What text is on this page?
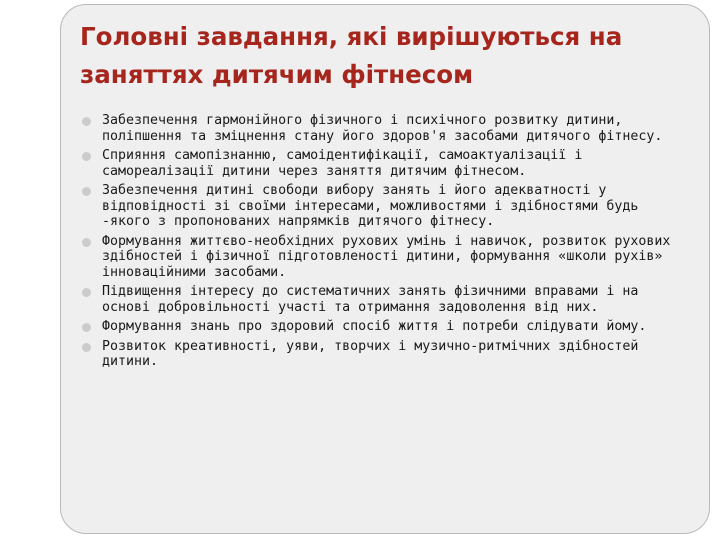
Головні завдання, які вирішуються на заняттях дитячим фітнесом
Забезпечення гармонійного фізичного і психічного розвитку дитини, поліпшення та зміцнення стану його здоров'я засобами дитячого фітнесу.
Сприяння самопізнанню, самоідентифікації, самоактуалізації і самореалізації дитини через заняття дитячим фітнесом.
Забезпечення дитині свободи вибору занять і його адекватності у відповідності зі своїми інтересами, можливостями і здібностями будь -якого з пропонованих напрямків дитячого фітнесу.
Формування життєво-необхідних рухових умінь і навичок, розвиток рухових здібностей і фізичної підготовленості дитини, формування «школи рухів» інноваційними засобами.
Підвищення інтересу до систематичних занять фізичними вправами і на основі добровільності участі та отримання задоволення від них.
Формування знань про здоровий спосіб життя і потреби слідувати йому.
Розвиток креативності, уяви, творчих і музично-ритмічних здібностей дитини.
